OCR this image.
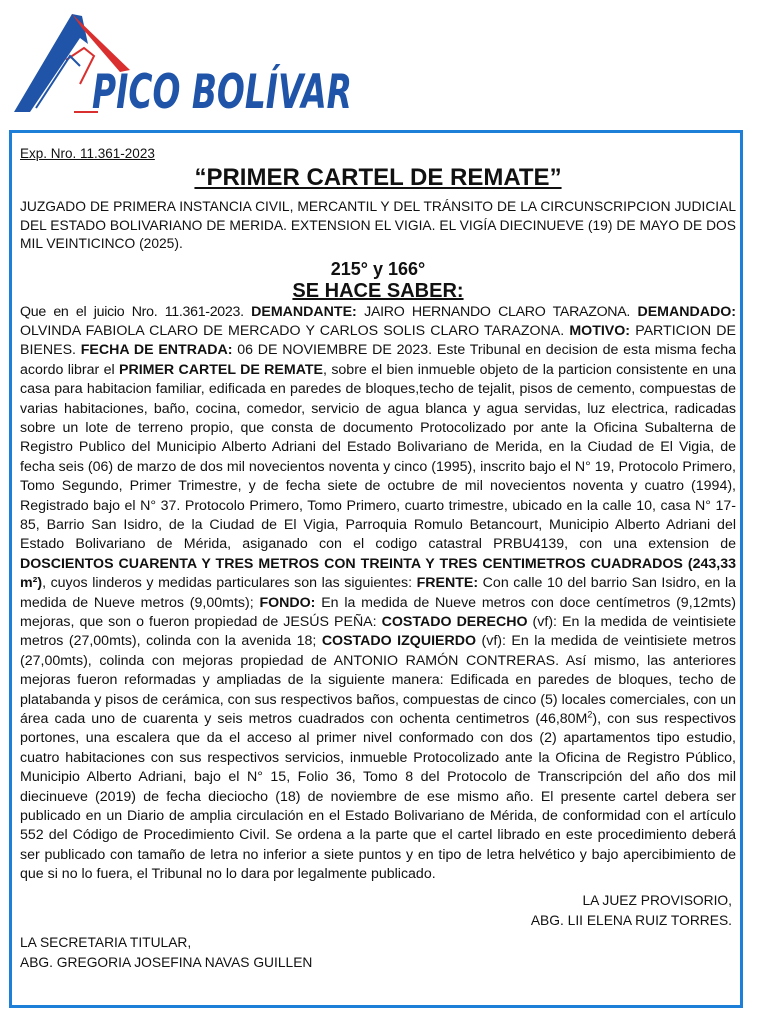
PICO BOLÍVAR
Exp. Nro. 11.361-2023
“PRIMER CARTEL DE REMATE”
JUZGADO DE PRIMERA INSTANCIA CIVIL, MERCANTIL Y DEL TRÁNSITO DE LA CIRCUNSCRIPCION JUDICIAL DEL ESTADO BOLIVARIANO DE MERIDA. EXTENSION EL VIGIA. EL VIGÍA DIECINUEVE (19) DE MAYO DE DOS MIL VEINTICINCO (2025).
215° y 166°
SE HACE SABER:
Que en el juicio Nro. 11.361-2023. DEMANDANTE: JAIRO HERNANDO CLARO TARAZONA. DEMANDADO: OLVINDA FABIOLA CLARO DE MERCADO Y CARLOS SOLIS CLARO TARAZONA. MOTIVO: PARTICION DE BIENES. FECHA DE ENTRADA: 06 DE NOVIEMBRE DE 2023. Este Tribunal en decision de esta misma fecha acordo librar el PRIMER CARTEL DE REMATE, sobre el bien inmueble objeto de la particion consistente en una casa para habitacion familiar, edificada en paredes de bloques,techo de tejalit, pisos de cemento, compuestas de varias habitaciones, baño, cocina, comedor, servicio de agua blanca y agua servidas, luz electrica, radicadas sobre un lote de terreno propio, que consta de documento Protocolizado por ante la Oficina Subalterna de Registro Publico del Municipio Alberto Adriani del Estado Bolivariano de Merida, en la Ciudad de El Vigia, de fecha seis (06) de marzo de dos mil novecientos noventa y cinco (1995), inscrito bajo el N° 19, Protocolo Primero, Tomo Segundo, Primer Trimestre, y de fecha siete de octubre de mil novecientos noventa y cuatro (1994), Registrado bajo el N° 37. Protocolo Primero, Tomo Primero, cuarto trimestre, ubicado en la calle 10, casa N° 17-85, Barrio San Isidro, de la Ciudad de El Vigia, Parroquia Romulo Betancourt, Municipio Alberto Adriani del Estado Bolivariano de Mérida, asiganado con el codigo catastral PRBU4139, con una extension de DOSCIENTOS CUARENTA Y TRES METROS CON TREINTA Y TRES CENTIMETROS CUADRADOS (243,33 m²), cuyos linderos y medidas particulares son las siguientes: FRENTE: Con calle 10 del barrio San Isidro, en la medida de Nueve metros (9,00mts); FONDO: En la medida de Nueve metros con doce centímetros (9,12mts) mejoras, que son o fueron propiedad de JESÚS PEÑA: COSTADO DERECHO (vf): En la medida de veintisiete metros (27,00mts), colinda con la avenida 18; COSTADO IZQUIERDO (vf): En la medida de veintisiete metros (27,00mts), colinda con mejoras propiedad de ANTONIO RAMÓN CONTRERAS. Así mismo, las anteriores mejoras fueron reformadas y ampliadas de la siguiente manera: Edificada en paredes de bloques, techo de platabanda y pisos de cerámica, con sus respectivos baños, compuestas de cinco (5) locales comerciales, con un área cada uno de cuarenta y seis metros cuadrados con ochenta centimetros $(46,80M^2)$, con sus respectivos portones, una escalera que da el acceso al primer nivel conformado con dos (2) apartamentos tipo estudio, cuatro habitaciones con sus respectivos servicios, inmueble Protocolizado ante la Oficina de Registro Público, Municipio Alberto Adriani, bajo el N° 15, Folio 36, Tomo 8 del Protocolo de Transcripción del año dos mil diecinueve (2019) de fecha dieciocho (18) de noviembre de ese mismo año. El presente cartel debera ser publicado en un Diario de amplia circulación en el Estado Bolivariano de Mérida, de conformidad con el artículo 552 del Código de Procedimiento Civil. Se ordena a la parte que el cartel librado en este procedimiento deberá ser publicado con tamaño de letra no inferior a siete puntos y en tipo de letra helvético y bajo apercibimiento de que si no lo fuera, el Tribunal no lo dara por legalmente publicado.
LA JUEZ PROVISORIO,
ABG. LII ELENA RUIZ TORRES.
LA SECRETARIA TITULAR,
ABG. GREGORIA JOSEFINA NAVAS GUILLEN
